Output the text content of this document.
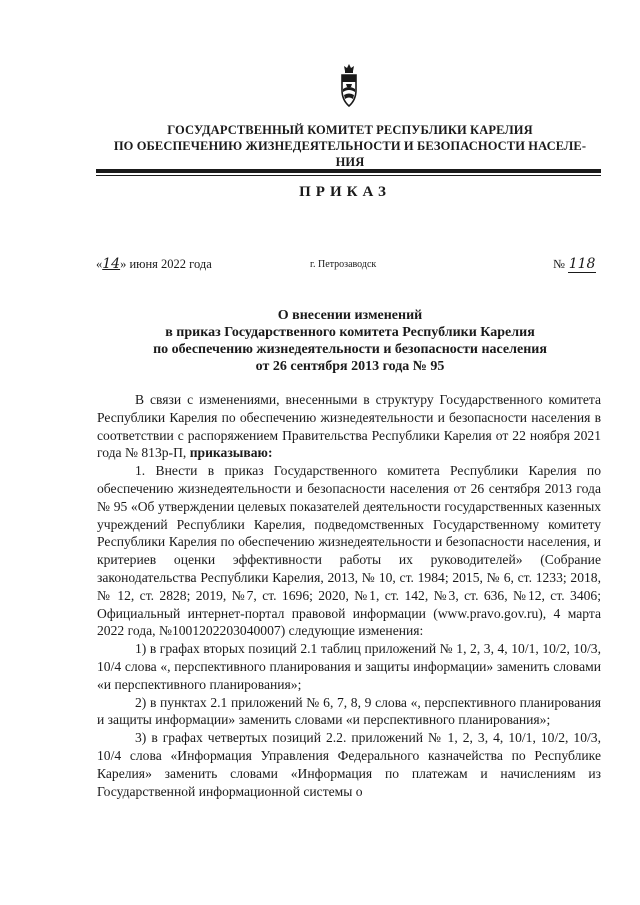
ГОСУДАРСТВЕННЫЙ КОМИТЕТ РЕСПУБЛИКИ КАРЕЛИЯ
ПО ОБЕСПЕЧЕНИЮ ЖИЗНЕДЕЯТЕЛЬНОСТИ И БЕЗОПАСНОСТИ НАСЕЛЕ-
НИЯ
ПРИКАЗ
«14» июня 2022 года	г. Петрозаводск	№ 118
О внесении изменений
в приказ Государственного комитета Республики Карелия
по обеспечению жизнедеятельности и безопасности населения
от 26 сентября 2013 года № 95

В связи с изменениями, внесенными в структуру Государственного комитета Республики Карелия по обеспечению жизнедеятельности и безопасности населения в соответствии с распоряжением Правительства Республики Карелия от 22 ноября 2021 года № 813р-П, приказываю:

1. Внести в приказ Государственного комитета Республики Карелия по обеспечению жизнедеятельности и безопасности населения от 26 сентября 2013 года № 95 «Об утверждении целевых показателей деятельности государственных казенных учреждений Республики Карелия, подведомственных Государственному комитету Республики Карелия по обеспечению жизнедеятельности и безопасности населения, и критериев оценки эффективности работы их руководителей» (Собрание законодательства Республики Карелия, 2013, № 10, ст. 1984; 2015, № 6, ст. 1233; 2018, № 12, ст. 2828; 2019, №7, ст. 1696; 2020, №1, ст. 142, №3, ст. 636, №12, ст. 3406; Официальный интернет-портал правовой информации (www.pravo.gov.ru), 4 марта 2022 года, №1001202203040007) следующие изменения:

1) в графах вторых позиций 2.1 таблиц приложений № 1, 2, 3, 4, 10/1, 10/2, 10/3, 10/4 слова «, перспективного планирования и защиты информации» заменить словами «и перспективного планирования»;

2) в пунктах 2.1 приложений № 6, 7, 8, 9 слова «, перспективного планирования и защиты информации» заменить словами «и перспективного планирования»;

3) в графах четвертых позиций 2.2. приложений № 1, 2, 3, 4, 10/1, 10/2, 10/3, 10/4 слова «Информация Управления Федерального казначейства по Республике Карелия» заменить словами «Информация по платежам и начислениям из Государственной информационной системы о
